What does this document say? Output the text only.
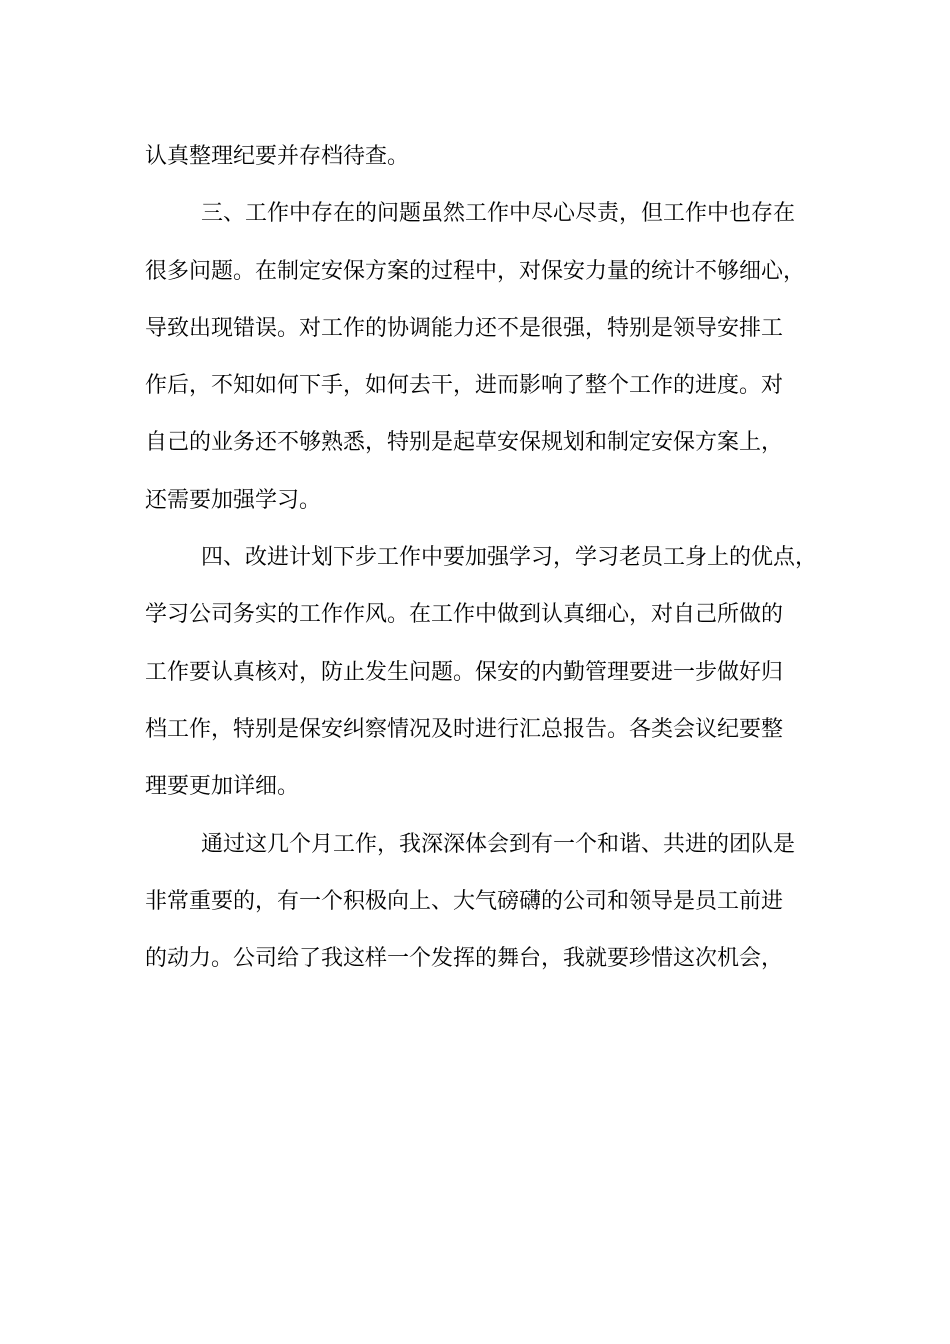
认真整理纪要并存档待查。
三、工作中存在的问题虽然工作中尽心尽责，但工作中也存在
很多问题。在制定安保方案的过程中，对保安力量的统计不够细心，
导致出现错误。对工作的协调能力还不是很强，特别是领导安排工
作后，不知如何下手，如何去干，进而影响了整个工作的进度。对
自己的业务还不够熟悉，特别是起草安保规划和制定安保方案上，
还需要加强学习。
四、改进计划下步工作中要加强学习，学习老员工身上的优点，
学习公司务实的工作作风。在工作中做到认真细心，对自己所做的
工作要认真核对，防止发生问题。保安的内勤管理要进一步做好归
档工作，特别是保安纠察情况及时进行汇总报告。各类会议纪要整
理要更加详细。
通过这几个月工作，我深深体会到有一个和谐、共进的团队是
非常重要的，有一个积极向上、大气磅礴的公司和领导是员工前进
的动力。公司给了我这样一个发挥的舞台，我就要珍惜这次机会，
